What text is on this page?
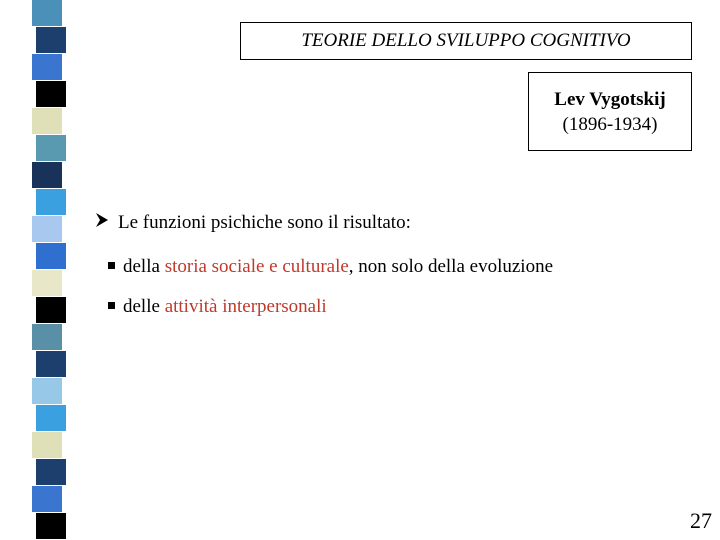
TEORIE DELLO SVILUPPO COGNITIVO
Lev Vygotskij
(1896-1934)
Le funzioni psichiche sono il risultato:
della storia sociale e culturale , non solo della evoluzione
delle attività interpersonali
27
